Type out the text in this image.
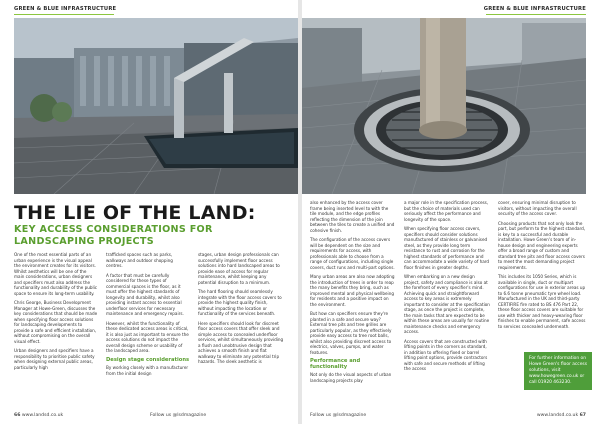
GREEN & BLUE INFRASTRUCTURE
THE LIE OF THE LAND:
KEY ACCESS CONSIDERATIONS FOR LANDSCAPING PROJECTS

One of the most essential parts of an urban experience is the visual appeal the environment creates for its visitors. Whilst aesthetics will be one of the main considerations, urban designers and specifiers must also address the functionality and durability of the public space to ensure its long-term usability.

Chris George, Business Development Manager at Howe-Green, discusses the key considerations that should be made when specifying floor access solutions for landscaping developments to provide a safe and efficient installation, without compromising on the overall visual effect.

Urban designers and specifiers have a responsibility to prioritise public safety when designing external public areas, particularly high

trafficked spaces such as parks, walkways and outdoor shopping centres.

A factor that must be carefully considered for these types of commercial spaces is the floor, as it must offer the highest standards of longevity and durability, whilst also providing instant access to essential underfloor services for necessary maintenance and emergency repairs.

However, whilst the functionality of these dedicated access areas is critical, it is also just as important to ensure the access solutions do not impact the overall design scheme or usability of the landscaped area.

Design stage considerations

By working closely with a manufacturer from the initial design

stages, urban design professionals can successfully implement floor access solutions into hard landscaped areas to provide ease of access for regular maintenance, whilst keeping any potential disruption to a minimum.

The hard flooring should seamlessly integrate with the floor access covers to provide the highest quality finish, without impacting the location or functionality of the services beneath.

Here specifiers should look for discreet floor access covers that offer sleek and simple access to concealed underfloor services, whilst simultaneously providing a flush and unobtrusive design that achieves a smooth finish and flat walkway to eliminate any potential trip hazards. The sleek aesthetic is

66 www.landsd.co.uk	Follow us @lsdmagazine
GREEN & BLUE INFRASTRUCTURE

also enhanced by the access cover frame being inserted level to with the tile module, and the edge profiles reflecting the dimension of the join between the tiles to create a unified and cohesive finish.

The configuration of the access covers will be dependent on the size and requirements for access, with professionals able to choose from a range of configurations, including single covers, duct runs and multi-part options.

Many urban areas are also now adopting the introduction of trees in order to reap the many benefits they bring, such as improved mental and physical wellbeing for residents and a positive impact on the environment.

But how can specifiers ensure they're planted in a safe and secure way? External tree pits and tree grilles are particularly popular, as they effectively provide easy access to tree root balls, whilst also providing discreet access to electrics, valves, pumps, and water features.

Performance and functionality

Not only do the visual aspects of urban landscaping projects play

a major role in the specification process, but the choice of materials used can seriously affect the performance and longevity of the space.

When specifying floor access covers, specifiers should consider solutions manufactured of stainless or galvanised steel, as they provide long term resistance to rust and corrosion for the highest standards of performance and can accommodate a wide variety of hard floor finishes in greater depths.

When embarking on a new design project, safety and compliance is also at the forefront of every specifier's mind. Achieving quick and straightforward access to key areas is extremely important to consider at the specification stage, as once the project is complete, the main tasks that are expected to be within these areas are usually for routine maintenance checks and emergency access.

Access covers that are constructed with lifting points in the corners as standard, in addition to offering fixed or barrel lifting point options, provide contractors with safe and secure methods of lifting the access

cover, ensuring minimal disruption to visitors, without impacting the overall security of the access cover.

Choosing products that not only look the part, but perform to the highest standard, is key to a successful and durable installation. Howe Green's team of in-house design and engineering experts offer a broad range of custom and standard tree pits and floor access covers to meet the most demanding project requirements.

This includes its 1050 Series, which is available in single, duct or multipart configurations for use in exterior areas up to 6.6 tonne pneumatic tyre wheel load. Manufactured in the UK and third-party CERTIFIRE fire rated to BS 476 Part 22, these floor access covers are suitable for use with thicker and heavy-wearing floor finishes to enable permanent, safe access to services concealed underneath.

For further information on Howe Green's floor access solutions, visit www.howegreen.co.uk or call 01920 463230.
Follow us @lsdmagazine	www.landsd.co.uk 67
